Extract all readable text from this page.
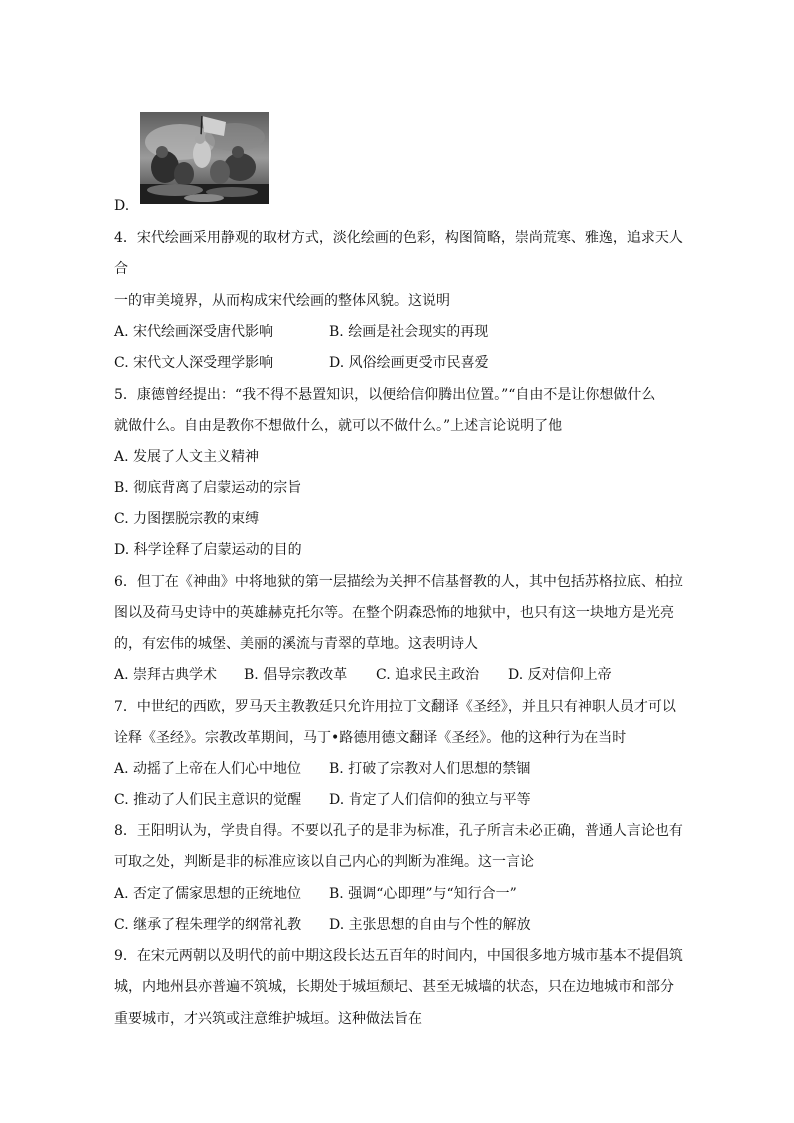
D.
4．宋代绘画采用静观的取材方式，淡化绘画的色彩，构图简略，崇尚荒寒、雅逸，追求天人
合
一的审美境界，从而构成宋代绘画的整体风貌。这说明
A. 宋代绘画深受唐代影响	B. 绘画是社会现实的再现
C. 宋代文人深受理学影响	D. 风俗绘画更受市民喜爱
5．康德曾经提出：“我不得不悬置知识，以便给信仰腾出位置。”“自由不是让你想做什么
就做什么。自由是教你不想做什么，就可以不做什么。”上述言论说明了他
A. 发展了人文主义精神
B. 彻底背离了启蒙运动的宗旨
C. 力图摆脱宗教的束缚
D. 科学诠释了启蒙运动的目的
6．但丁在《神曲》中将地狱的第一层描绘为关押不信基督教的人，其中包括苏格拉底、柏拉
图以及荷马史诗中的英雄赫克托尔等。在整个阴森恐怖的地狱中，也只有这一块地方是光亮
的，有宏伟的城堡、美丽的溪流与青翠的草地。这表明诗人
A. 崇拜古典学术 B. 倡导宗教改革 C. 追求民主政治 D. 反对信仰上帝
7．中世纪的西欧，罗马天主教教廷只允许用拉丁文翻译《圣经》，并且只有神职人员才可以
诠释《圣经》。宗教改革期间，马丁•路德用德文翻译《圣经》。他的这种行为在当时
A. 动摇了上帝在人们心中地位 B. 打破了宗教对人们思想的禁锢
C. 推动了人们民主意识的觉醒 D. 肯定了人们信仰的独立与平等
8．王阳明认为，学贵自得。不要以孔子的是非为标准，孔子所言未必正确，普通人言论也有
可取之处，判断是非的标准应该以自己内心的判断为准绳。这一言论
A. 否定了儒家思想的正统地位 B. 强调“心即理”与“知行合一”
C. 继承了程朱理学的纲常礼教 D. 主张思想的自由与个性的解放
9．在宋元两朝以及明代的前中期这段长达五百年的时间内，中国很多地方城市基本不提倡筑
城，内地州县亦普遍不筑城，长期处于城垣颓圮、甚至无城墙的状态，只在边地城市和部分
重要城市，才兴筑或注意维护城垣。这种做法旨在
